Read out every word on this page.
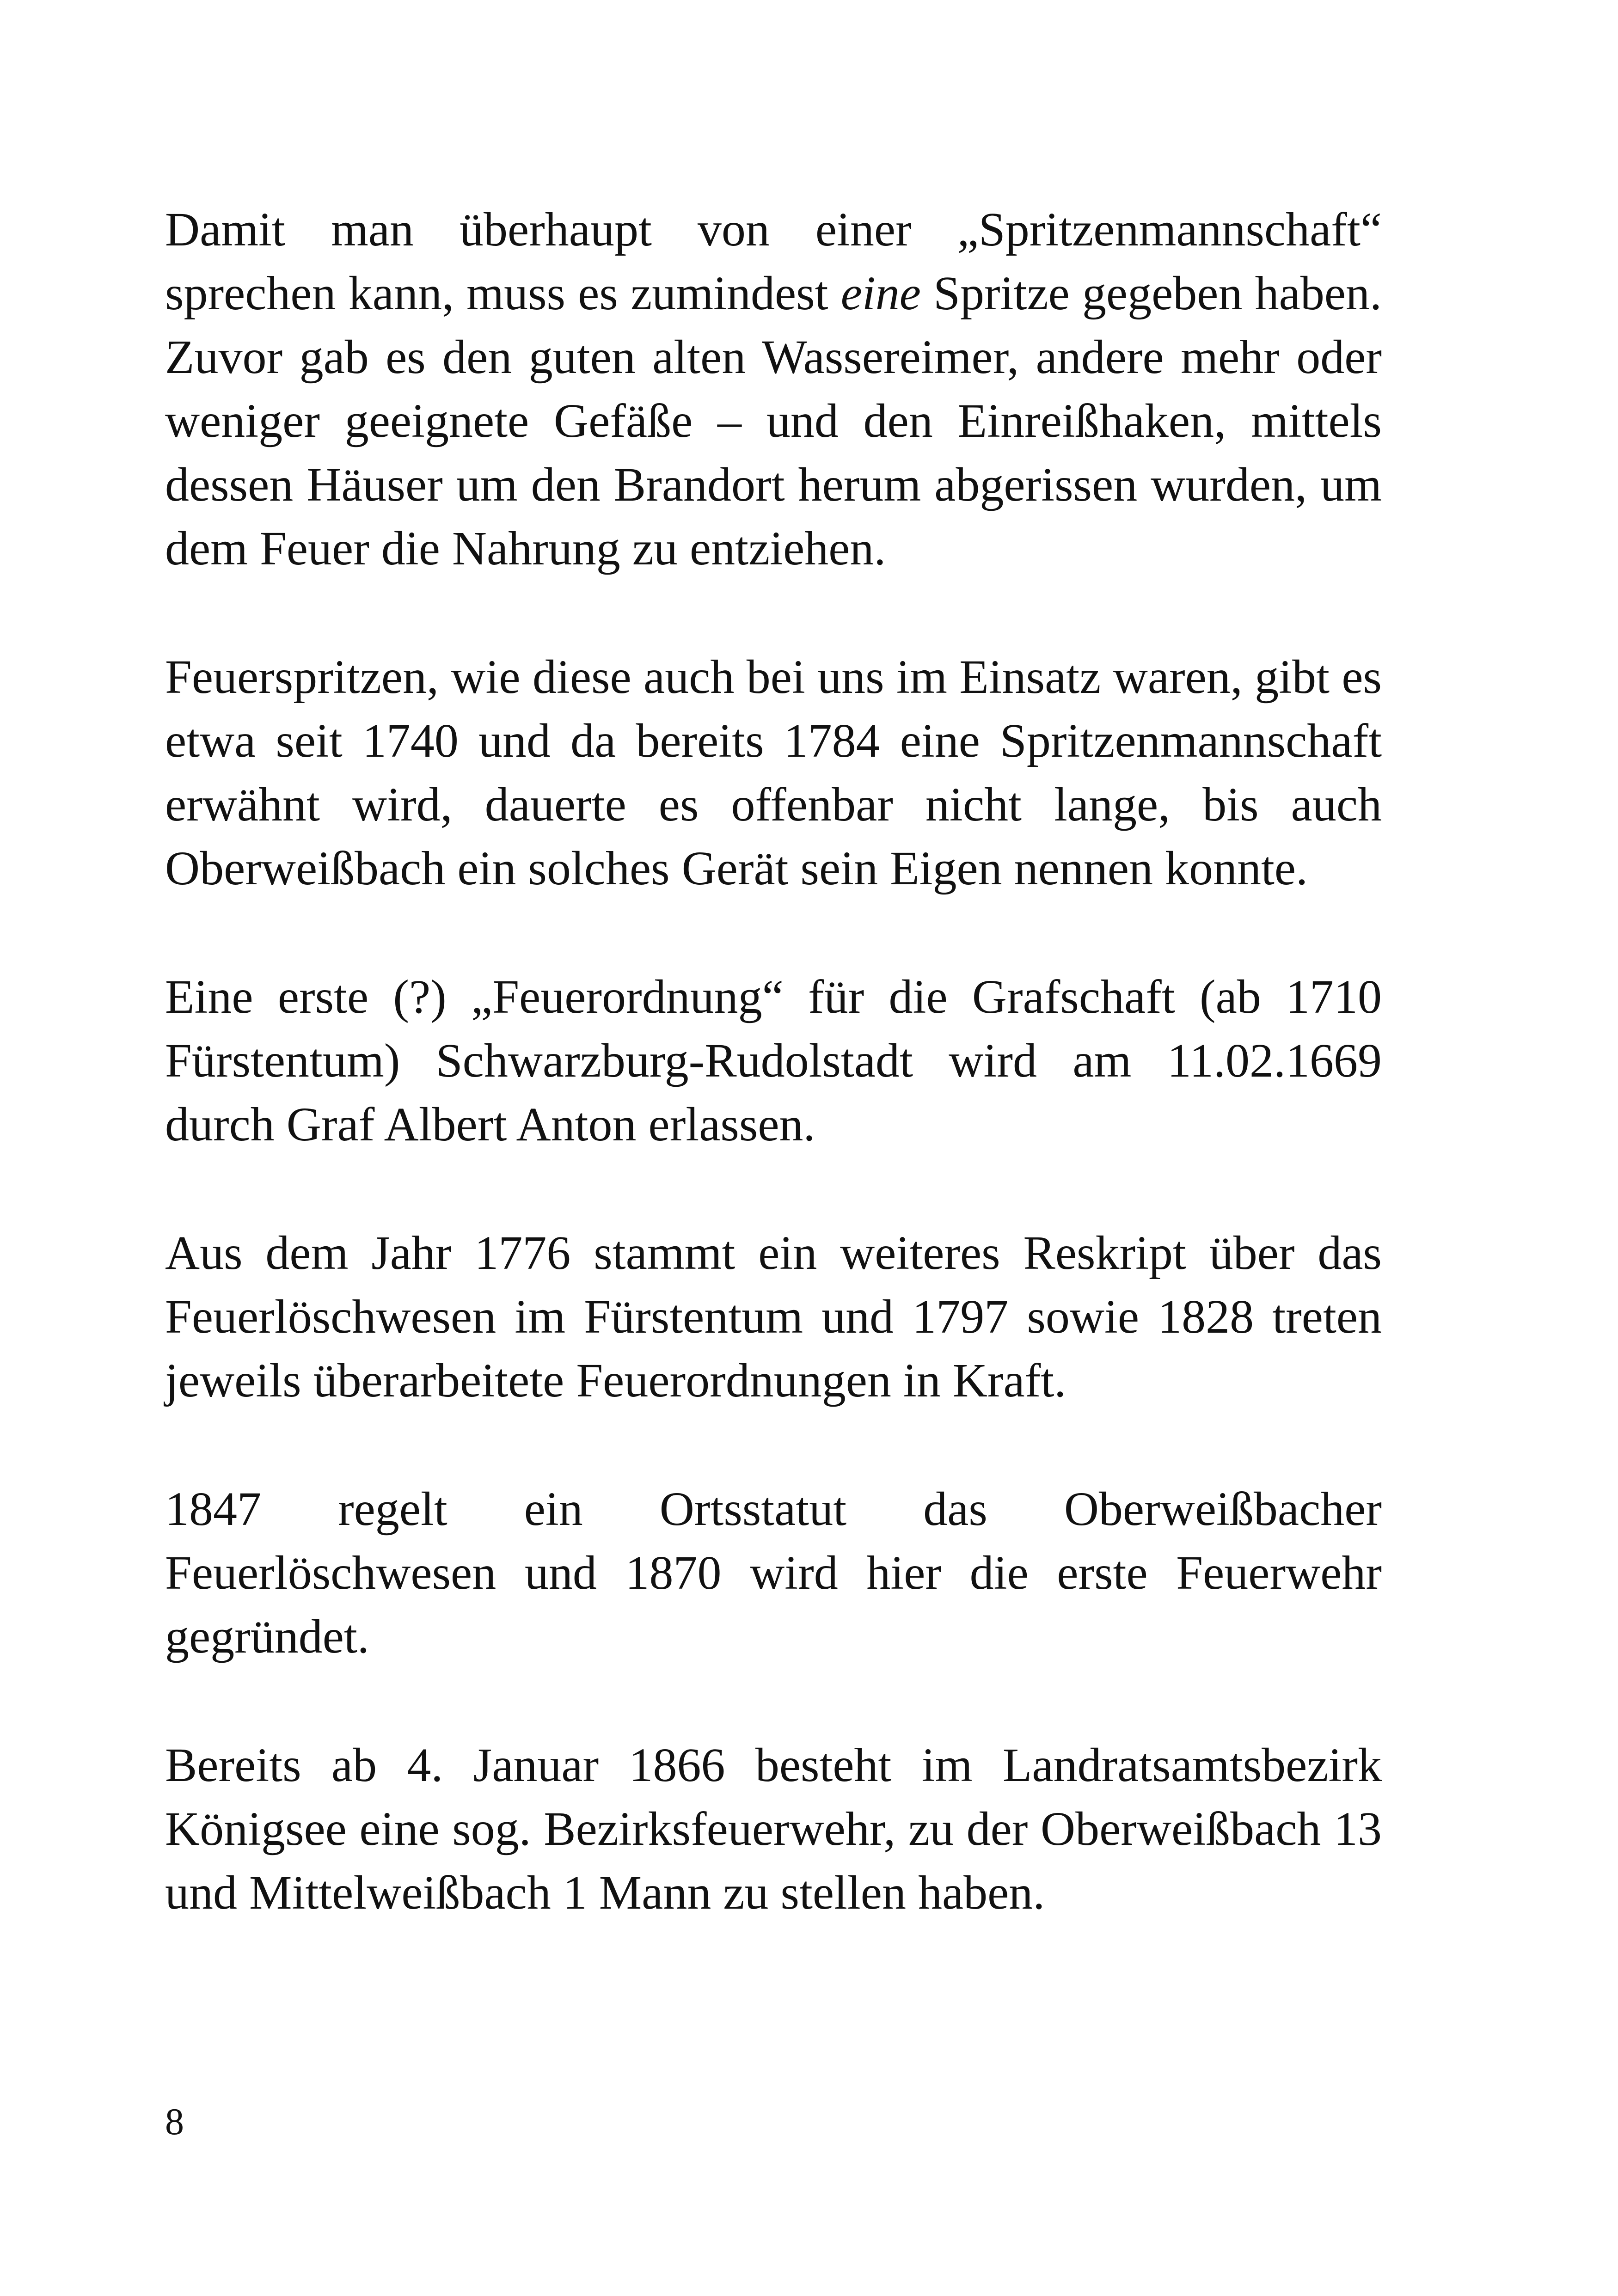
Damit man überhaupt von einer „Spritzenmannschaft“ sprechen kann, muss es zumindest eine Spritze gegeben haben. Zuvor gab es den guten alten Wassereimer, andere mehr oder weniger geeignete Gefäße – und den Einreißhaken, mittels dessen Häuser um den Brandort herum abgerissen wurden, um dem Feuer die Nahrung zu entziehen.

Feuerspritzen, wie diese auch bei uns im Einsatz waren, gibt es etwa seit 1740 und da bereits 1784 eine Spritzenmannschaft erwähnt wird, dauerte es offenbar nicht lange, bis auch Oberweißbach ein solches Gerät sein Eigen nennen konnte.

Eine erste (?) „Feuerordnung“ für die Grafschaft (ab 1710 Fürstentum) Schwarzburg-Rudolstadt wird am 11.02.1669 durch Graf Albert Anton erlassen.

Aus dem Jahr 1776 stammt ein weiteres Reskript über das Feuerlöschwesen im Fürstentum und 1797 sowie 1828 treten jeweils überarbeitete Feuerordnungen in Kraft.

1847 regelt ein Ortsstatut das Oberweißbacher Feuerlöschwesen und 1870 wird hier die erste Feuerwehr gegründet.

Bereits ab 4. Januar 1866 besteht im Landratsamtsbezirk Königsee eine sog. Bezirksfeuerwehr, zu der Oberweißbach 13 und Mittelweißbach 1 Mann zu stellen haben.

8
